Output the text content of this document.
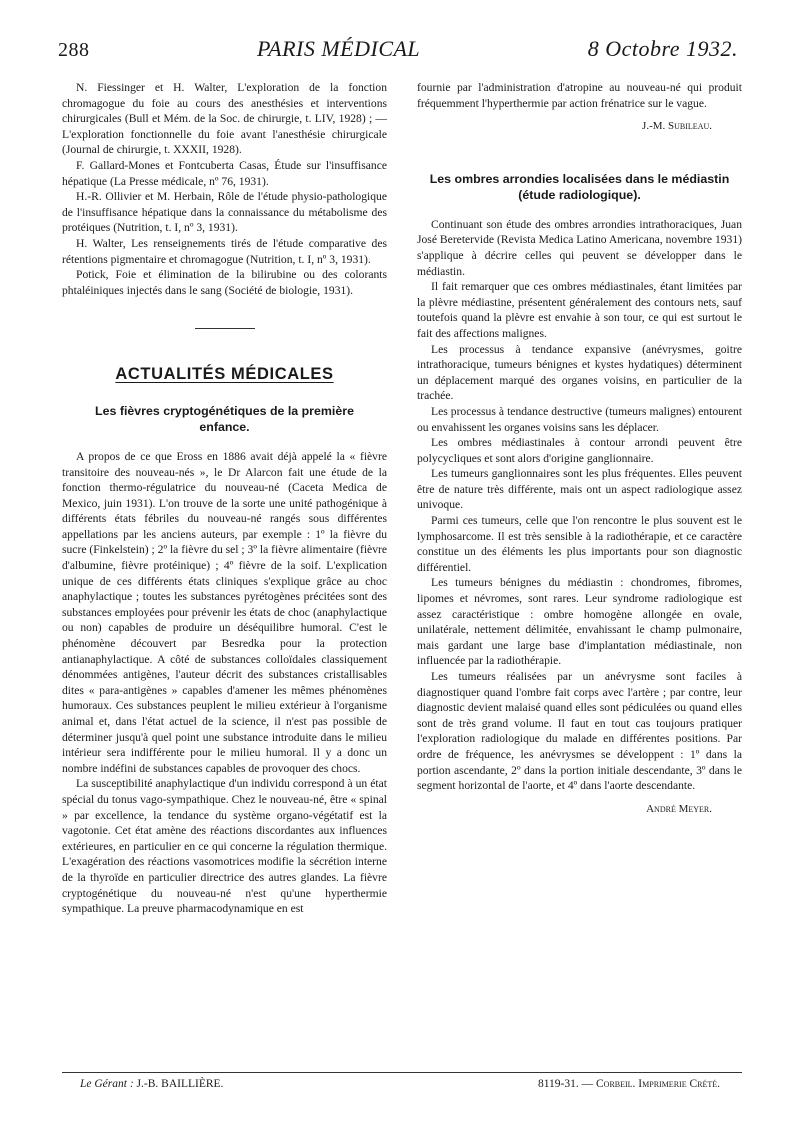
288	PARIS MÉDICAL	8 Octobre 1932.

N. Fiessinger et H. Walter, L'exploration de la fonction chromagogue du foie au cours des anesthésies et interventions chirurgicales (Bull et Mém. de la Soc. de chirurgie, t. LIV, 1928) ; — L'exploration fonctionnelle du foie avant l'anesthésie chirurgicale (Journal de chirurgie, t. XXXII, 1928).

F. Gallard-Mones et Fontcuberta Casas, Étude sur l'insuffisance hépatique (La Presse médicale, nº 76, 1931).

H.-R. Ollivier et M. Herbain, Rôle de l'étude physio-pathologique de l'insuffisance hépatique dans la connaissance du métabolisme des protéiques (Nutrition, t. I, nº 3, 1931).

H. Walter, Les renseignements tirés de l'étude comparative des rétentions pigmentaire et chromagogue (Nutrition, t. I, nº 3, 1931).

Potick, Foie et élimination de la bilirubine ou des colorants phtaléiniques injectés dans le sang (Société de biologie, 1931).

ACTUALITÉS MÉDICALES
Les fièvres cryptogénétiques de la première enfance.

A propos de ce que Eross en 1886 avait déjà appelé la « fièvre transitoire des nouveau-nés », le Dr Alarcon fait une étude de la fonction thermo-régulatrice du nouveau-né (Caceta Medica de Mexico, juin 1931). L'on trouve de la sorte une unité pathogénique à différents états fébriles du nouveau-né rangés sous différentes appellations par les anciens auteurs, par exemple : 1º la fièvre du sucre (Finkelstein) ; 2º la fièvre du sel ; 3º la fièvre alimentaire (fièvre d'albumine, fièvre protéinique) ; 4º fièvre de la soif. L'explication unique de ces différents états cliniques s'explique grâce au choc anaphylactique ; toutes les substances pyrétogènes précitées sont des substances employées pour prévenir les états de choc (anaphylactique ou non) capables de produire un déséquilibre humoral. C'est le phénomène découvert par Besredka pour la protection antianaphylactique. A côté de substances colloïdales classiquement dénommées antigènes, l'auteur décrit des substances cristallisables dites « para-antigènes » capables d'amener les mêmes phénomènes humoraux. Ces substances peuplent le milieu extérieur à l'organisme animal et, dans l'état actuel de la science, il n'est pas possible de déterminer jusqu'à quel point une substance introduite dans le milieu intérieur sera indifférente pour le milieu humoral. Il y a donc un nombre indéfini de substances capables de provoquer des chocs.

La susceptibilité anaphylactique d'un individu correspond à un état spécial du tonus vago-sympathique. Chez le nouveau-né, être « spinal » par excellence, la tendance du système organo-végétatif est la vagotonie. Cet état amène des réactions discordantes aux influences extérieures, en particulier en ce qui concerne la régulation thermique. L'exagération des réactions vasomotrices modifie la sécrétion interne de la thyroïde en particulier directrice des autres glandes. La fièvre cryptogénétique du nouveau-né n'est qu'une hyperthermie sympathique. La preuve pharmacodynamique en est

fournie par l'administration d'atropine au nouveau-né qui produit fréquemment l'hyperthermie par action frénatrice sur le vague.

J.-M. Subileau.

Les ombres arrondies localisées dans le médiastin (étude radiologique).

Continuant son étude des ombres arrondies intrathoraciques, Juan José Beretervide (Revista Medica Latino Americana, novembre 1931) s'applique à décrire celles qui peuvent se développer dans le médiastin.

Il fait remarquer que ces ombres médiastinales, étant limitées par la plèvre médiastine, présentent généralement des contours nets, sauf toutefois quand la plèvre est envahie à son tour, ce qui est surtout le fait des affections malignes.

Les processus à tendance expansive (anévrysmes, goitre intrathoracique, tumeurs bénignes et kystes hydatiques) déterminent un déplacement marqué des organes voisins, en particulier de la trachée.

Les processus à tendance destructive (tumeurs malignes) entourent ou envahissent les organes voisins sans les déplacer.

Les ombres médiastinales à contour arrondi peuvent être polycycliques et sont alors d'origine ganglionnaire.

Les tumeurs ganglionnaires sont les plus fréquentes. Elles peuvent être de nature très différente, mais ont un aspect radiologique assez univoque.

Parmi ces tumeurs, celle que l'on rencontre le plus souvent est le lymphosarcome. Il est très sensible à la radiothérapie, et ce caractère constitue un des éléments les plus importants pour son diagnostic différentiel.

Les tumeurs bénignes du médiastin : chondromes, fibromes, lipomes et névromes, sont rares. Leur syndrome radiologique est assez caractéristique : ombre homogène allongée en ovale, unilatérale, nettement délimitée, envahissant le champ pulmonaire, mais gardant une large base d'implantation médiastinale, non influencée par la radiothérapie.

Les tumeurs réalisées par un anévrysme sont faciles à diagnostiquer quand l'ombre fait corps avec l'artère ; par contre, leur diagnostic devient malaisé quand elles sont pédiculées ou quand elles sont de très grand volume. Il faut en tout cas toujours pratiquer l'exploration radiologique du malade en différentes positions. Par ordre de fréquence, les anévrysmes se développent : 1º dans la portion ascendante, 2º dans la portion initiale descendante, 3º dans le segment horizontal de l'aorte, et 4º dans l'aorte descendante.

André Meyer.

Le Gérant : J.-B. BAILLIÈRE.	8119-31. — Corbeil. Imprimerie Crété.
